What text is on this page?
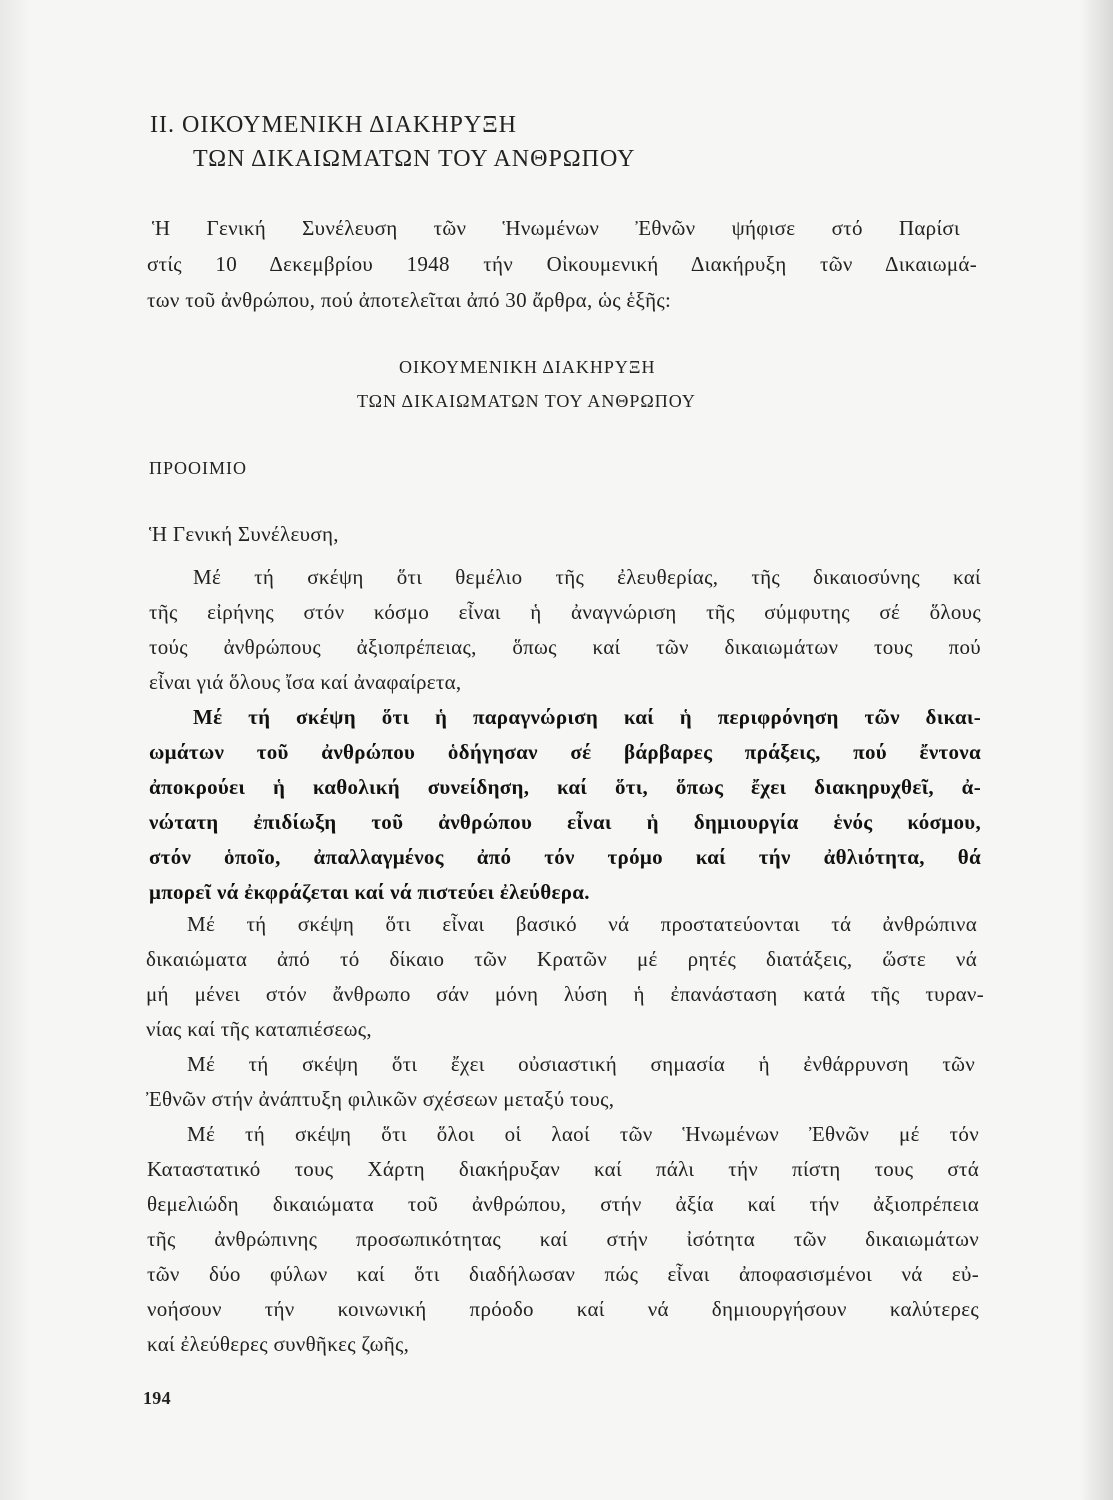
II. ΟΙΚΟΥΜΕΝΙΚΗ ΔΙΑΚΗΡΥΞΗ
ΤΩΝ ΔΙΚΑΙΩΜΑΤΩΝ ΤΟΥ ΑΝΘΡΩΠΟΥ
Ἡ Γενική Συνέλευση τῶν Ἡνωμένων Ἐθνῶν ψήφισε στό Παρίσι
στίς 10 Δεκεμβρίου 1948 τήν Οἰκουμενική Διακήρυξη τῶν Δικαιωμά-
των τοῦ ἀνθρώπου, πού ἀποτελεῖται ἀπό 30 ἄρθρα, ὡς ἑξῆς:
ΟΙΚΟΥΜΕΝΙΚΗ ΔΙΑΚΗΡΥΞΗ
ΤΩΝ ΔΙΚΑΙΩΜΑΤΩΝ ΤΟΥ ΑΝΘΡΩΠΟΥ
ΠΡΟΟΙΜΙΟ
Ἡ Γενική Συνέλευση,
Μέ τή σκέψη ὅτι θεμέλιο τῆς ἐλευθερίας, τῆς δικαιοσύνης καί
τῆς εἰρήνης στόν κόσμο εἶναι ἡ ἀναγνώριση τῆς σύμφυτης σέ ὅλους
τούς ἀνθρώπους ἀξιοπρέπειας, ὅπως καί τῶν δικαιωμάτων τους πού
εἶναι γιά ὅλους ἴσα καί ἀναφαίρετα,
Μέ τή σκέψη ὅτι ἡ παραγνώριση καί ἡ περιφρόνηση τῶν δικαι-
ωμάτων τοῦ ἀνθρώπου ὁδήγησαν σέ βάρβαρες πράξεις, πού ἔντονα
ἀποκρούει ἡ καθολική συνείδηση, καί ὅτι, ὅπως ἔχει διακηρυχθεῖ, ἀ-
νώτατη ἐπιδίωξη τοῦ ἀνθρώπου εἶναι ἡ δημιουργία ἑνός κόσμου,
στόν ὁποῖο, ἀπαλλαγμένος ἀπό τόν τρόμο καί τήν ἀθλιότητα, θά
μπορεῖ νά ἐκφράζεται καί νά πιστεύει ἐλεύθερα.
Μέ τή σκέψη ὅτι εἶναι βασικό νά προστατεύονται τά ἀνθρώπινα
δικαιώματα ἀπό τό δίκαιο τῶν Κρατῶν μέ ρητές διατάξεις, ὥστε νά
μή μένει στόν ἄνθρωπο σάν μόνη λύση ἡ ἐπανάσταση κατά τῆς τυραν-
νίας καί τῆς καταπιέσεως,
Μέ τή σκέψη ὅτι ἔχει οὐσιαστική σημασία ἡ ἐνθάρρυνση τῶν
Ἐθνῶν στήν ἀνάπτυξη φιλικῶν σχέσεων μεταξύ τους,
Μέ τή σκέψη ὅτι ὅλοι οἱ λαοί τῶν Ἡνωμένων Ἐθνῶν μέ τόν
Καταστατικό τους Χάρτη διακήρυξαν καί πάλι τήν πίστη τους στά
θεμελιώδη δικαιώματα τοῦ ἀνθρώπου, στήν ἀξία καί τήν ἀξιοπρέπεια
τῆς ἀνθρώπινης προσωπικότητας καί στήν ἰσότητα τῶν δικαιωμάτων
τῶν δύο φύλων καί ὅτι διαδήλωσαν πώς εἶναι ἀποφασισμένοι νά εὐ-
νοήσουν τήν κοινωνική πρόοδο καί νά δημιουργήσουν καλύτερες
καί ἐλεύθερες συνθῆκες ζωῆς,
194
